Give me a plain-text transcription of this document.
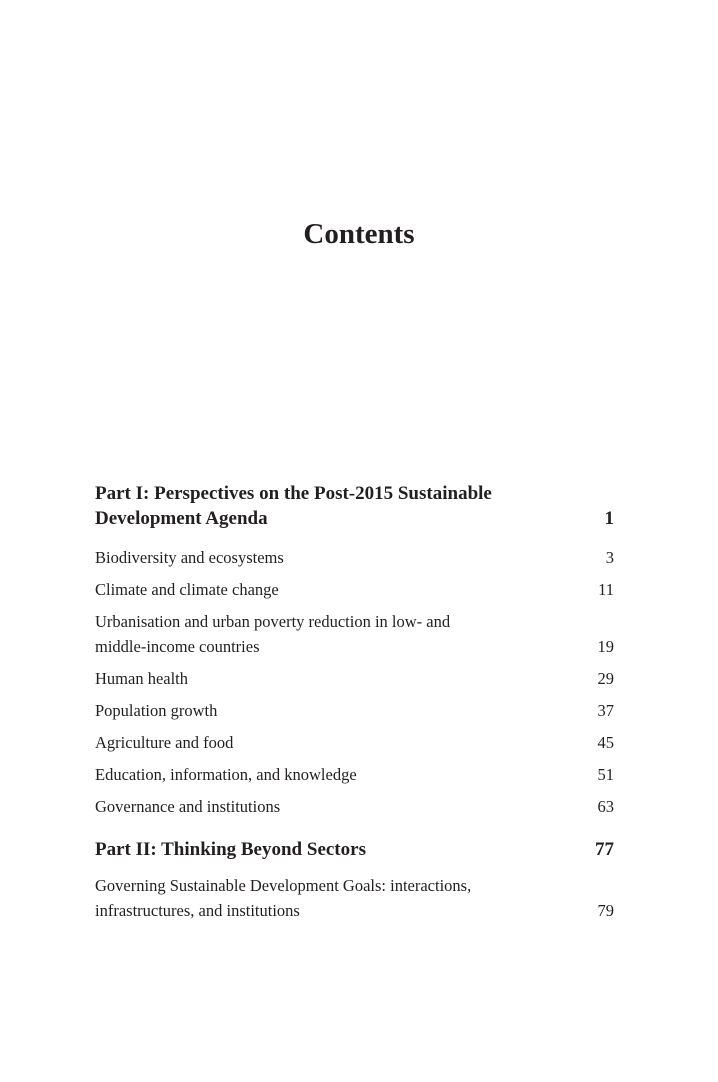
Contents
Part I: Perspectives on the Post-2015 Sustainable
Development Agenda	1
Biodiversity and ecosystems	3
Climate and climate change	11
Urbanisation and urban poverty reduction in low- and
middle-income countries	19
Human health	29
Population growth	37
Agriculture and food	45
Education, information, and knowledge	51
Governance and institutions	63
Part II: Thinking Beyond Sectors	77
Governing Sustainable Development Goals: interactions,
infrastructures, and institutions	79
